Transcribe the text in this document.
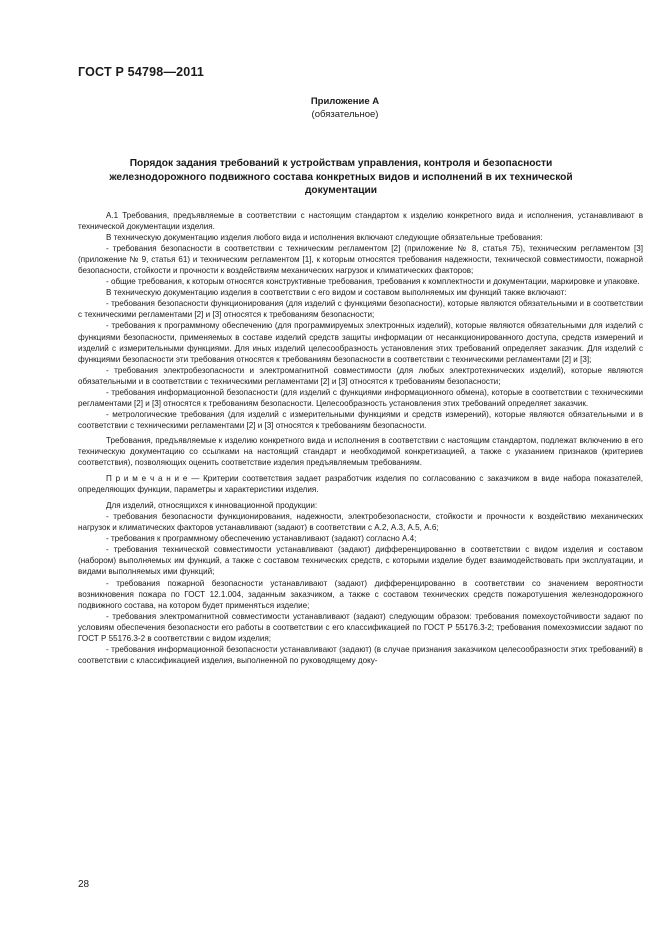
ГОСТ Р 54798—2011
Приложение А
(обязательное)
Порядок задания требований к устройствам управления, контроля и безопасности железнодорожного подвижного состава конкретных видов и исполнений в их технической документации

А.1 Требования, предъявляемые в соответствии с настоящим стандартом к изделию конкретного вида и исполнения, устанавливают в технической документации изделия.

В техническую документацию изделия любого вида и исполнения включают следующие обязательные требования:

- требования безопасности в соответствии с техническим регламентом [2] (приложение № 8, статья 75), техническим регламентом [3] (приложение № 9, статья 61) и техническим регламентом [1], к которым относятся требования надежности, технической совместимости, пожарной безопасности, стойкости и прочности к воздействиям механических нагрузок и климатических факторов;

- общие требования, к которым относятся конструктивные требования, требования к комплектности и документации, маркировке и упаковке.

В техническую документацию изделия в соответствии с его видом и составом выполняемых им функций также включают:

- требования безопасности функционирования (для изделий с функциями безопасности), которые являются обязательными и в соответствии с техническими регламентами [2] и [3] относятся к требованиям безопасности;

- требования к программному обеспечению (для программируемых электронных изделий), которые являются обязательными для изделий с функциями безопасности, применяемых в составе изделий средств защиты информации от несанкционированного доступа, средств измерений и изделий с измерительными функциями. Для иных изделий целесообразность установления этих требований определяет заказчик. Для изделий с функциями безопасности эти требования относятся к требованиям безопасности в соответствии с техническими регламентами [2] и [3];

- требования электробезопасности и электромагнитной совместимости (для любых электротехнических изделий), которые являются обязательными и в соответствии с техническими регламентами [2] и [3] относятся к требованиям безопасности;

- требования информационной безопасности (для изделий с функциями информационного обмена), которые в соответствии с техническими регламентами [2] и [3] относятся к требованиям безопасности. Целесообразность установления этих требований определяет заказчик.

- метрологические требования (для изделий с измерительными функциями и средств измерений), которые являются обязательными и в соответствии с техническими регламентами [2] и [3] относятся к требованиям безопасности.

Требования, предъявляемые к изделию конкретного вида и исполнения в соответствии с настоящим стандартом, подлежат включению в его техническую документацию со ссылками на настоящий стандарт и необходимой конкретизацией, а также с указанием признаков (критериев соответствия), позволяющих оценить соответствие изделия предъявляемым требованиям.

П р и м е ч а н и е — Критерии соответствия задает разработчик изделия по согласованию с заказчиком в виде набора показателей, определяющих функции, параметры и характеристики изделия.

Для изделий, относящихся к инновационной продукции:

- требования безопасности функционирования, надежности, электробезопасности, стойкости и прочности к воздействию механических нагрузок и климатических факторов устанавливают (задают) в соответствии с А.2, А.3, А.5, А.6;

- требования к программному обеспечению устанавливают (задают) согласно А.4;

- требования технической совместимости устанавливают (задают) дифференцированно в соответствии с видом изделия и составом (набором) выполняемых им функций, а также с составом технических средств, с которыми изделие будет взаимодействовать при эксплуатации, и видами выполняемых ими функций;

- требования пожарной безопасности устанавливают (задают) дифференцированно в соответствии со значением вероятности возникновения пожара по ГОСТ 12.1.004, заданным заказчиком, а также с составом технических средств пожаротушения железнодорожного подвижного состава, на котором будет применяться изделие;

- требования электромагнитной совместимости устанавливают (задают) следующим образом: требования помехоустойчивости задают по условиям обеспечения безопасности его работы в соответствии с его классификацией по ГОСТ Р 55176.3-2; требования помехоэмиссии задают по ГОСТ Р 55176.3-2 в соответствии с видом изделия;

- требования информационной безопасности устанавливают (задают) (в случае признания заказчиком целесообразности этих требований) в соответствии с классификацией изделия, выполненной по руководящему доку-

28
